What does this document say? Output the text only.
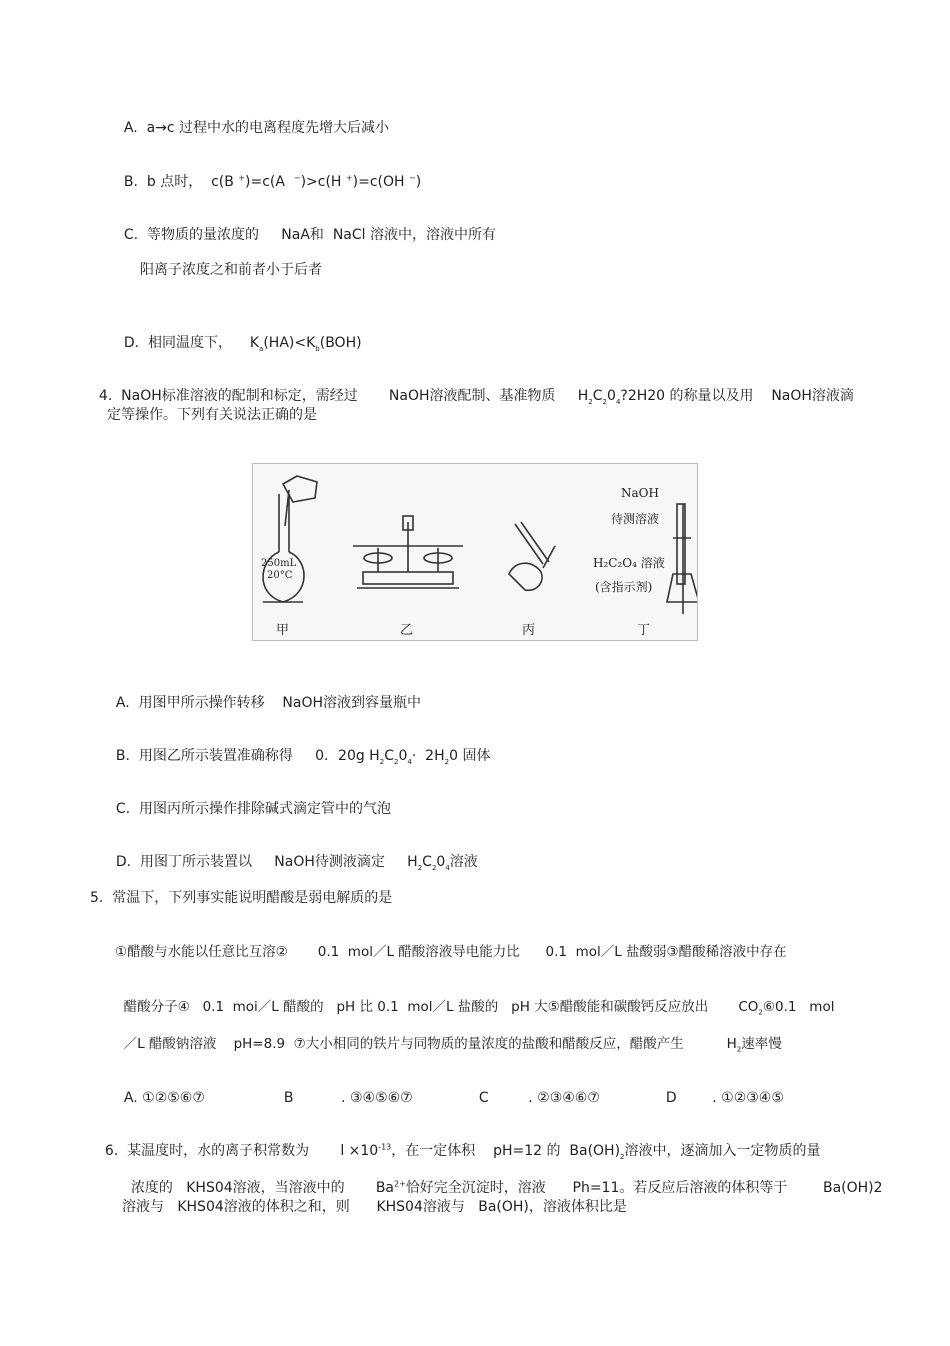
A. a→c 过程中水的电离程度先增大后减小

B. b 点时，  c(B +)=c(A  −)>c(H +)=c(OH −)

C. 等物质的量浓度的     NaA和  NaCl 溶液中，溶液中所有

阳离子浓度之和前者小于后者

D. 相同温度下，    $K_a(HA)<K_b(BOH)$

4.  NaOH标准溶液的配制和标定，需经过       NaOH溶液配制、基准物质     $H_2C_20_4?2H20$ 的称量以及用    NaOH溶液滴

定等操作。下列有关说法正确的是
250mL
20°C
NaOH
待测溶液
H₂C₂O₄ 溶液
(含指示剂)
甲	乙	丙	丁

A. 用图甲所示操作转移    NaOH溶液到容量瓶中

B. 用图乙所示装置准确称得     0．20g $H_2C_20_4\cdot 2H_20$ 固体

C. 用图丙所示操作排除碱式滴定管中的气泡

D. 用图丁所示装置以     NaOH待测液滴定     $H_2C_20_4$溶液

5.  常温下，下列事实能说明醋酸是弱电解质的是
①醋酸与水能以任意比互溶②       0.1  mol／L 醋酸溶液导电能力比      0.1  mol／L 盐酸弱③醋酸稀溶液中存在

醋酸分子④   0.1  moi／L 醋酸的   pH 比 0.1  mol／L 盐酸的   pH 大⑤醋酸能和碳酸钙反应放出       $CO_2⑥0.1$   mol

／L 醋酸钠溶液    pH=8.9  ⑦大小相同的铁片与同物质的量浓度的盐酸和醋酸反应，醋酸产生          $H_2$速率慢

A. ①②⑤⑥⑦	B	. ③④⑤⑥⑦	C	. ②③④⑥⑦	D	. ①②③④⑤

6.  某温度时，水的离子积常数为       $l \times 10^{-13}$，在一定体积    pH=12 的  $Ba(OH)_2$溶液中，逐滴加入一定物质的量

浓度的   KHS04溶液，当溶液中的       $Ba^{2+}$恰好完全沉淀时，溶液      Ph=11。若反应后溶液的体积等于        Ba(OH)2

溶液与   KHS04溶液的体积之和，则      KHS04溶液与   Ba(OH)，溶液体积比是
